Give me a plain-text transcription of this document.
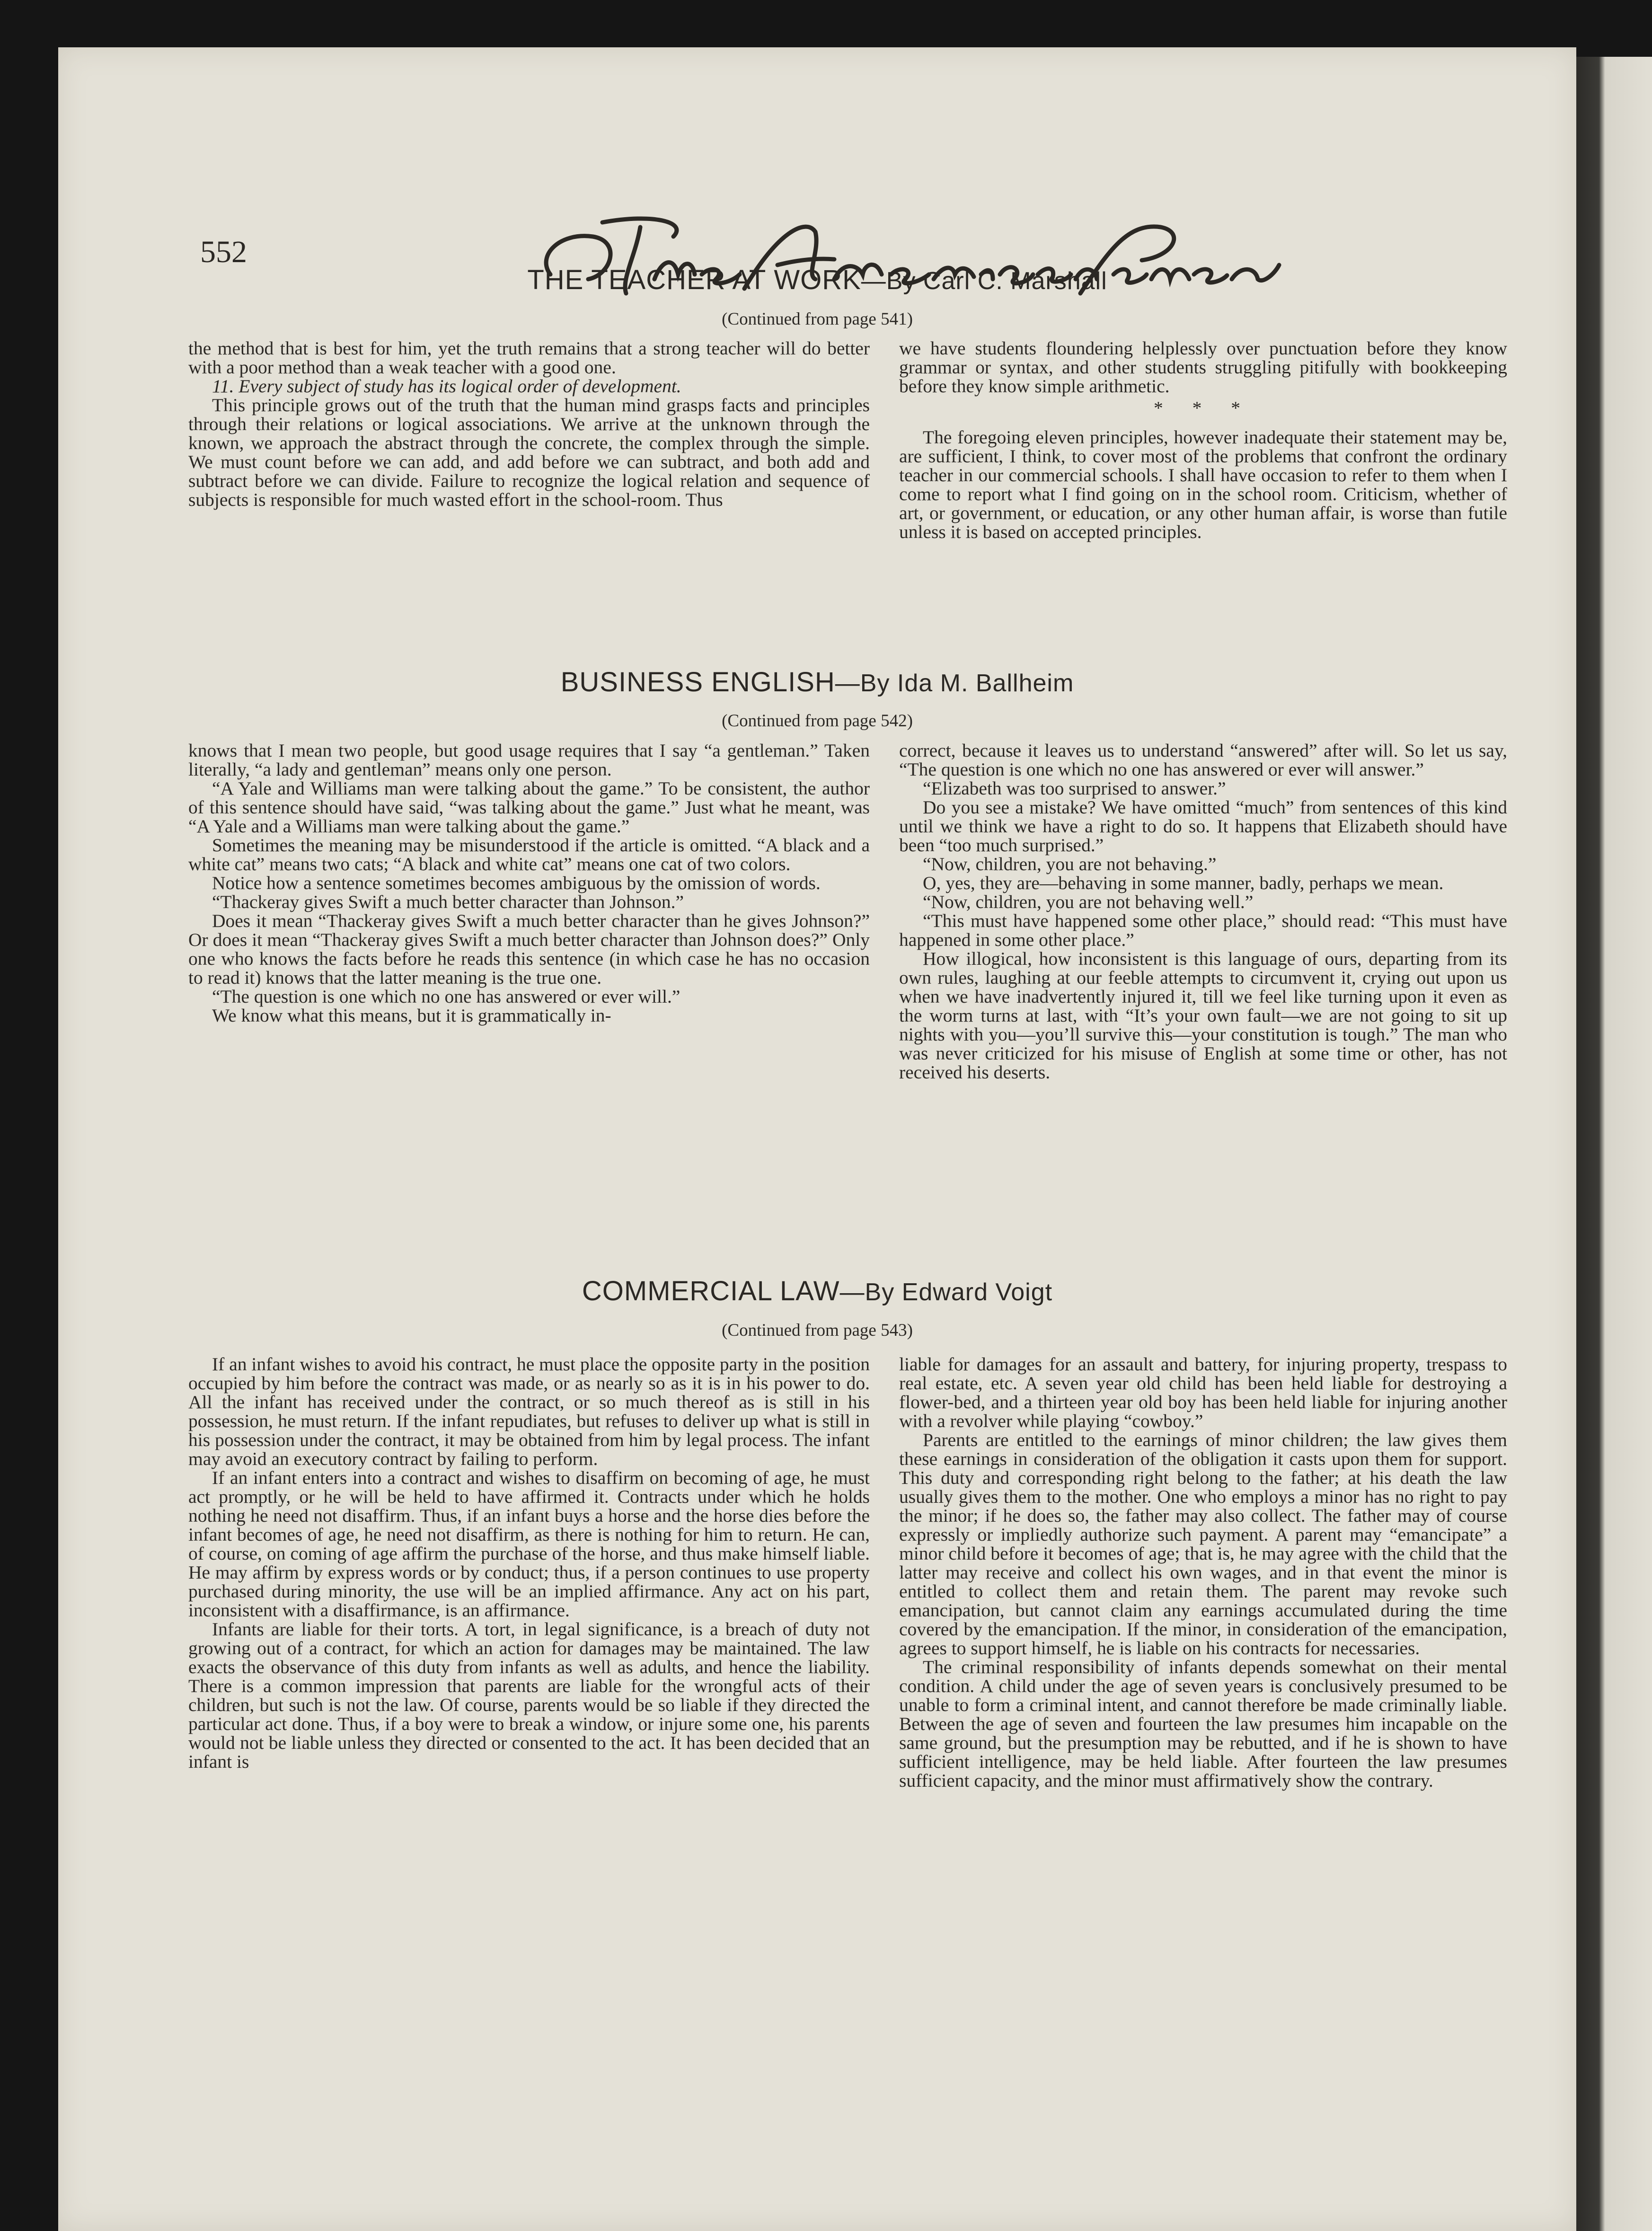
552

THE TEACHER AT WORK—By Carl C. Marshall

(Continued from page 541)

the method that is best for him, yet the truth remains that a strong teacher will do better with a poor method than a weak teacher with a good one.

11. Every subject of study has its logical order of development.

This principle grows out of the truth that the human mind grasps facts and principles through their relations or logical associations. We arrive at the unknown through the known, we approach the abstract through the concrete, the complex through the simple. We must count before we can add, and add before we can subtract, and both add and subtract before we can divide. Failure to recognize the logical relation and sequence of subjects is responsible for much wasted effort in the school-room. Thus

we have students floundering helplessly over punctuation before they know grammar or syntax, and other students struggling pitifully with bookkeeping before they know simple arithmetic.

* * *

The foregoing eleven principles, however inadequate their statement may be, are sufficient, I think, to cover most of the problems that confront the ordinary teacher in our commercial schools. I shall have occasion to refer to them when I come to report what I find going on in the school room. Criticism, whether of art, or government, or education, or any other human affair, is worse than futile unless it is based on accepted principles.

BUSINESS ENGLISH—By Ida M. Ballheim

(Continued from page 542)

knows that I mean two people, but good usage requires that I say “a gentleman.” Taken literally, “a lady and gentleman” means only one person.

“A Yale and Williams man were talking about the game.” To be consistent, the author of this sentence should have said, “was talking about the game.” Just what he meant, was “A Yale and a Williams man were talking about the game.”

Sometimes the meaning may be misunderstood if the article is omitted. “A black and a white cat” means two cats; “A black and white cat” means one cat of two colors.

Notice how a sentence sometimes becomes ambiguous by the omission of words.

“Thackeray gives Swift a much better character than Johnson.”

Does it mean “Thackeray gives Swift a much better character than he gives Johnson?” Or does it mean “Thackeray gives Swift a much better character than Johnson does?” Only one who knows the facts before he reads this sentence (in which case he has no occasion to read it) knows that the latter meaning is the true one.

“The question is one which no one has answered or ever will.”

We know what this means, but it is grammatically in-

correct, because it leaves us to understand “answered” after will. So let us say, “The question is one which no one has answered or ever will answer.”

“Elizabeth was too surprised to answer.”

Do you see a mistake? We have omitted “much” from sentences of this kind until we think we have a right to do so. It happens that Elizabeth should have been “too much surprised.”

“Now, children, you are not behaving.”

O, yes, they are—behaving in some manner, badly, perhaps we mean.

“Now, children, you are not behaving well.”

“This must have happened some other place,” should read: “This must have happened in some other place.”

How illogical, how inconsistent is this language of ours, departing from its own rules, laughing at our feeble attempts to circumvent it, crying out upon us when we have inadvertently injured it, till we feel like turning upon it even as the worm turns at last, with “It’s your own fault—we are not going to sit up nights with you—you’ll survive this—your constitution is tough.” The man who was never criticized for his misuse of English at some time or other, has not received his deserts.

COMMERCIAL LAW—By Edward Voigt

(Continued from page 543)

If an infant wishes to avoid his contract, he must place the opposite party in the position occupied by him before the contract was made, or as nearly so as it is in his power to do. All the infant has received under the contract, or so much thereof as is still in his possession, he must return. If the infant repudiates, but refuses to deliver up what is still in his possession under the contract, it may be obtained from him by legal process. The infant may avoid an executory contract by failing to perform.

If an infant enters into a contract and wishes to disaffirm on becoming of age, he must act promptly, or he will be held to have affirmed it. Contracts under which he holds nothing he need not disaffirm. Thus, if an infant buys a horse and the horse dies before the infant becomes of age, he need not disaffirm, as there is nothing for him to return. He can, of course, on coming of age affirm the purchase of the horse, and thus make himself liable. He may affirm by express words or by conduct; thus, if a person continues to use property purchased during minority, the use will be an implied affirmance. Any act on his part, inconsistent with a disaffirmance, is an affirmance.

Infants are liable for their torts. A tort, in legal significance, is a breach of duty not growing out of a contract, for which an action for damages may be maintained. The law exacts the observance of this duty from infants as well as adults, and hence the liability. There is a common impression that parents are liable for the wrongful acts of their children, but such is not the law. Of course, parents would be so liable if they directed the particular act done. Thus, if a boy were to break a window, or injure some one, his parents would not be liable unless they directed or consented to the act. It has been decided that an infant is

liable for damages for an assault and battery, for injuring property, trespass to real estate, etc. A seven year old child has been held liable for destroying a flower-bed, and a thirteen year old boy has been held liable for injuring another with a revolver while playing “cowboy.”

Parents are entitled to the earnings of minor children; the law gives them these earnings in consideration of the obligation it casts upon them for support. This duty and corresponding right belong to the father; at his death the law usually gives them to the mother. One who employs a minor has no right to pay the minor; if he does so, the father may also collect. The father may of course expressly or impliedly authorize such payment. A parent may “emancipate” a minor child before it becomes of age; that is, he may agree with the child that the latter may receive and collect his own wages, and in that event the minor is entitled to collect them and retain them. The parent may revoke such emancipation, but cannot claim any earnings accumulated during the time covered by the emancipation. If the minor, in consideration of the emancipation, agrees to support himself, he is liable on his contracts for necessaries.

The criminal responsibility of infants depends somewhat on their mental condition. A child under the age of seven years is conclusively presumed to be unable to form a criminal intent, and cannot therefore be made criminally liable. Between the age of seven and fourteen the law presumes him incapable on the same ground, but the presumption may be rebutted, and if he is shown to have sufficient intelligence, may be held liable. After fourteen the law presumes sufficient capacity, and the minor must affirmatively show the contrary.
